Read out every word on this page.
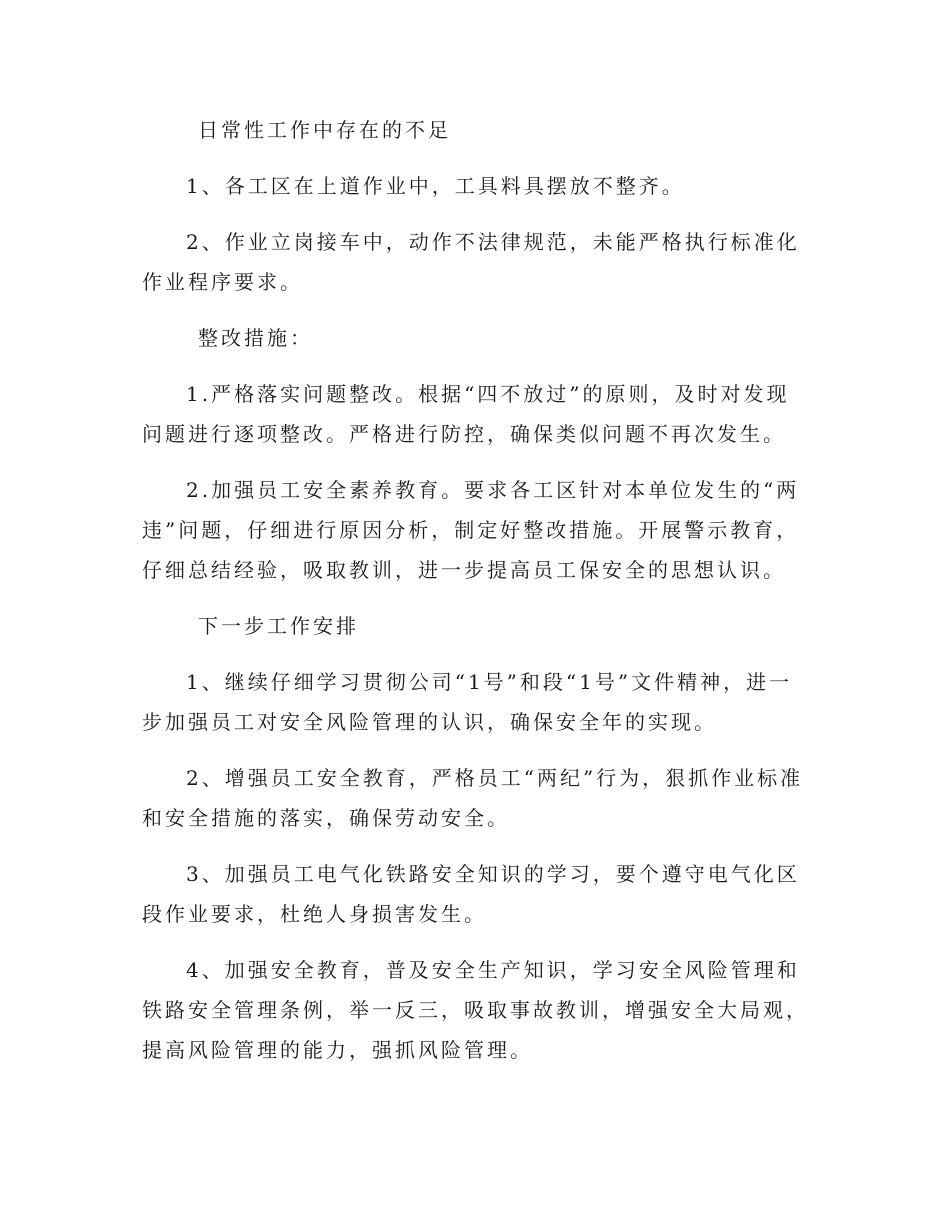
日常性工作中存在的不足

1、各工区在上道作业中，工具料具摆放不整齐。

2、作业立岗接车中，动作不法律规范，未能严格执行标准化作业程序要求。

整改措施：

1.严格落实问题整改。根据“四不放过”的原则，及时对发现问题进行逐项整改。严格进行防控，确保类似问题不再次发生。

2.加强员工安全素养教育。要求各工区针对本单位发生的“两违”问题，仔细进行原因分析，制定好整改措施。开展警示教育，仔细总结经验，吸取教训，进一步提高员工保安全的思想认识。

下一步工作安排

1、继续仔细学习贯彻公司“1号”和段“1号”文件精神，进一步加强员工对安全风险管理的认识，确保安全年的实现。

2、增强员工安全教育，严格员工“两纪”行为，狠抓作业标准和安全措施的落实，确保劳动安全。

3、加强员工电气化铁路安全知识的学习，要个遵守电气化区段作业要求，杜绝人身损害发生。

4、加强安全教育，普及安全生产知识，学习安全风险管理和铁路安全管理条例，举一反三，吸取事故教训，增强安全大局观，提高风险管理的能力，强抓风险管理。
